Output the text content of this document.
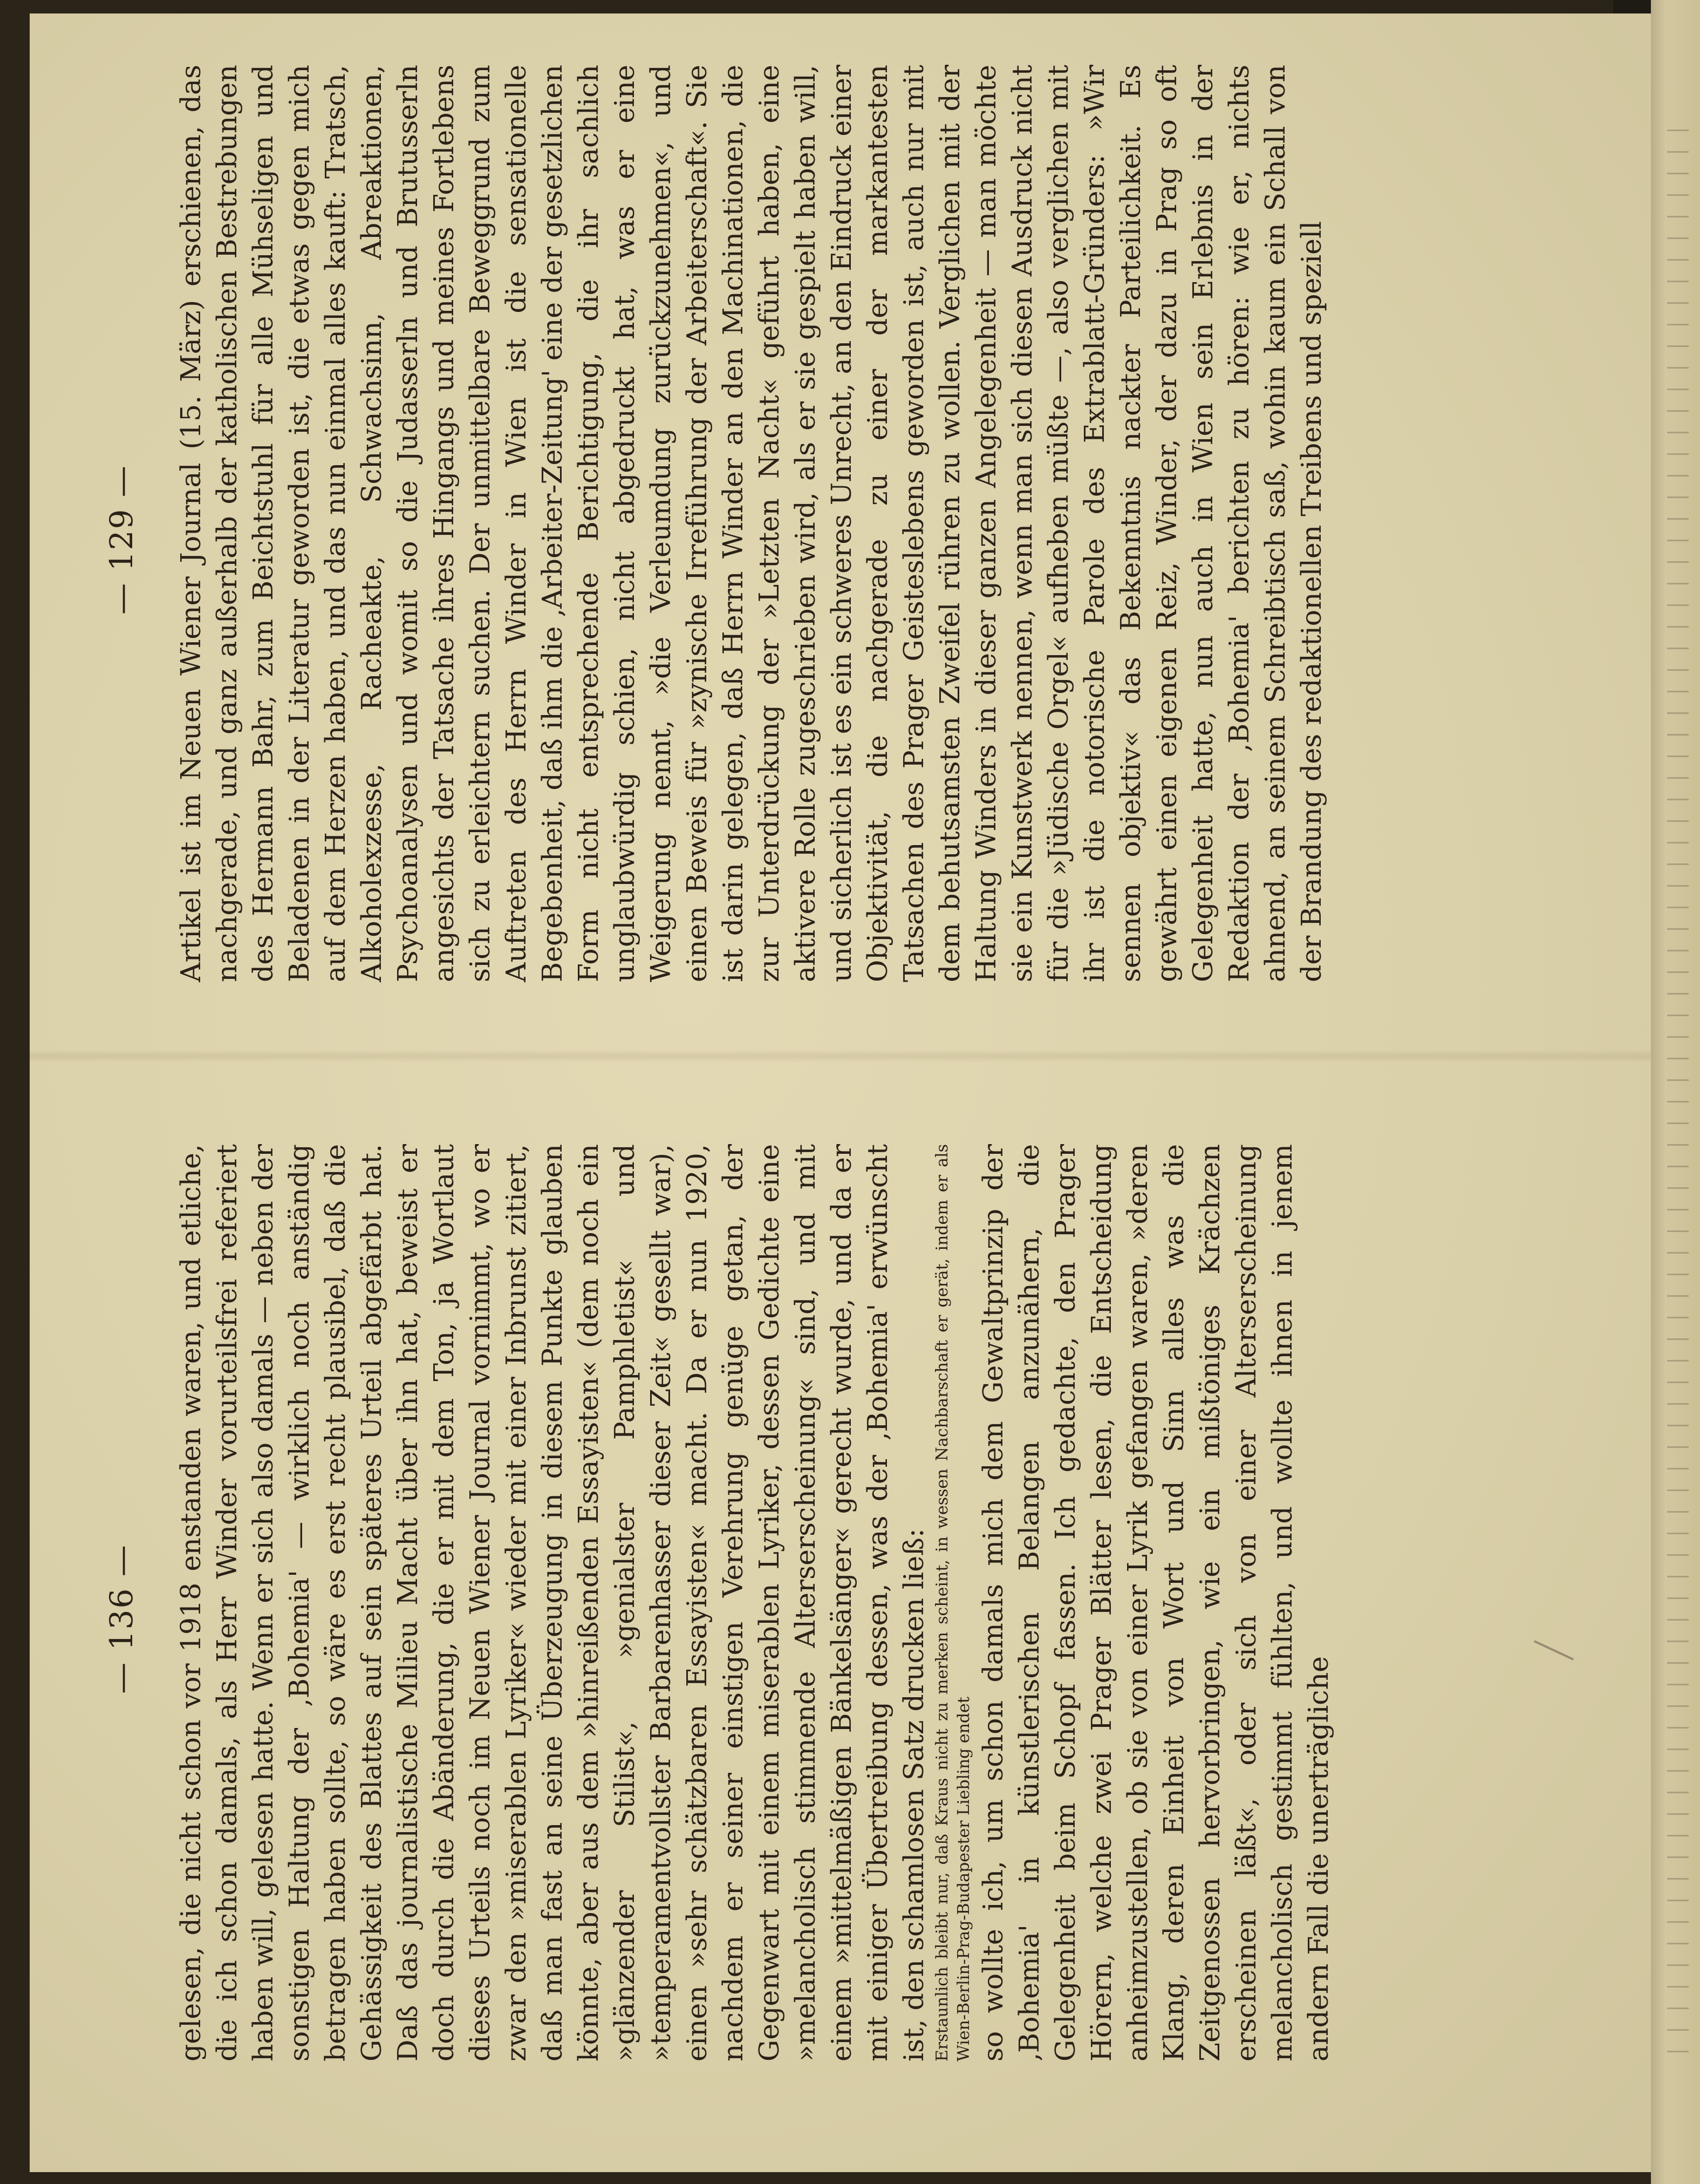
— 129 — Artikel ist im Neuen Wiener Journal (15. März) erschienen, das nachgerade, und ganz außerhalb der katholischen Bestrebungen des Hermann Bahr, zum Beichtstuhl für alle Mühseligen und Beladenen in der Literatur geworden ist, die etwas gegen mich auf dem Herzen haben, und das nun einmal alles kauft: Tratsch, Alkoholexzesse, Racheakte, Schwachsinn, Abreaktionen, Psychoanalysen und womit so die Judasserln und Brutusserln angesichts der Tatsache ihres Hingangs und meines Fortlebens sich zu erleichtern suchen. Der unmittelbare Beweggrund zum Auftreten des Herrn Winder in Wien ist die sensationelle Begebenheit, daß ihm die ‚Arbeiter-Zeitung' eine der gesetzlichen Form nicht entsprechende Berichtigung, die ihr sachlich unglaubwürdig schien, nicht abgedruckt hat, was er eine Weigerung nennt, »die Verleumdung zurückzunehmen«, und einen Beweis für »zynische Irreführung der Arbeiterschaft«. Sie ist darin gelegen, daß Herrn Winder an den Machinationen, die zur Unterdrückung der »Letzten Nacht« geführt haben, eine aktivere Rolle zugeschrieben wird, als er sie gespielt haben will, und sicherlich ist es ein schweres Unrecht, an den Eindruck einer Objektivität, die nachgerade zu einer der markantesten Tatsachen des Prager Geisteslebens geworden ist, auch nur mit dem behutsamsten Zweifel rühren zu wollen. Verglichen mit der Haltung Winders in dieser ganzen Angelegenheit — man möchte sie ein Kunstwerk nennen, wenn man sich diesen Ausdruck nicht für die »Jüdische Orgel« aufheben müßte —, also verglichen mit ihr ist die notorische Parole des Extrablatt-Gründers: »Wir sennen objektiv« das Bekenntnis nackter Parteilichkeit. Es gewährt einen eigenen Reiz, Winder, der dazu in Prag so oft Gelegenheit hatte, nun auch in Wien sein Erlebnis in der Redaktion der ‚Bohemia' berichten zu hören: wie er, nichts ahnend, an seinem Schreibtisch saß, wohin kaum ein Schall von der Brandung des redaktionellen Treibens und speziell

— 136 — gelesen, die nicht schon vor 1918 enstanden waren, und etliche, die ich schon damals, als Herr Winder vorurteilsfrei referiert haben will, gelesen hatte. Wenn er sich also damals — neben der sonstigen Haltung der ‚Bohemia' — wirklich noch anständig betragen haben sollte, so wäre es erst recht plausibel, daß die Gehässigkeit des Blattes auf sein späteres Urteil abgefärbt hat. Daß das journalistische Milieu Macht über ihn hat, beweist er doch durch die Abänderung, die er mit dem Ton, ja Wortlaut dieses Urteils noch im Neuen Wiener Journal vornimmt, wo er zwar den »miserablen Lyriker« wieder mit einer Inbrunst zitiert, daß man fast an seine Überzeugung in diesem Punkte glauben könnte, aber aus dem »hinreißenden Essayisten« (dem noch ein »glänzender Stilist«, »genialster Pamphletist« und »temperamentvollster Barbarenhasser dieser Zeit« gesellt war), einen »sehr schätzbaren Essayisten« macht. Da er nun 1920, nachdem er seiner einstigen Verehrung genüge getan, der Gegenwart mit einem miserablen Lyriker, dessen Gedichte eine »melancholisch stimmende Alterserscheinung« sind, und mit einem »mittelmäßigen Bänkelsänger« gerecht wurde, und da er mit einiger Übertreibung dessen, was der ‚Bohemia' erwünscht ist, den schamlosen Satz drucken ließ: Erstaunlich bleibt nur, daß Kraus nicht zu merken scheint, in wessen Nachbarschaft er gerät, indem er als Wien-Berlin-Prag-Budapester Liebling endet so wollte ich, um schon damals mich dem Gewaltprinzip der ‚Bohemia' in künstlerischen Belangen anzunähern, die Gelegenheit beim Schopf fassen. Ich gedachte, den Prager Hörern, welche zwei Prager Blätter lesen, die Entscheidung anheimzustellen, ob sie von einer Lyrik gefangen waren, »deren Klang, deren Einheit von Wort und Sinn alles was die Zeitgenossen hervorbringen, wie ein mißtöniges Krächzen erscheinen läßt«, oder sich von einer Alterserscheinung melancholisch gestimmt fühlten, und wollte ihnen in jenem andern Fall die unerträgliche
